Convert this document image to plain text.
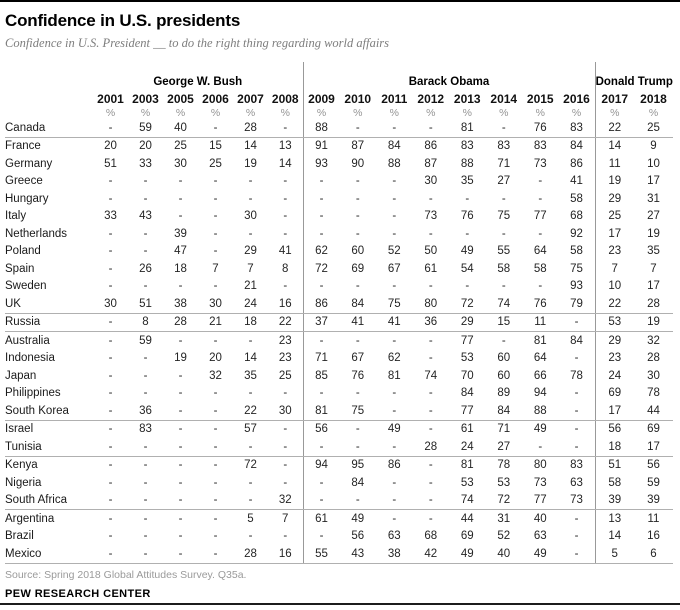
Confidence in U.S. presidents

Confidence in U.S. President __ to do the right thing regarding world affairs

	George W. Bush						Barack Obama								Donald Trump	
	2001	2003	2005	2006	2007	2008	2009	2010	2011	2012	2013	2014	2015	2016	2017	2018
	%	%	%	%	%	%	%	%	%	%	%	%	%	%	%	%
Canada	-	59	40	-	28	-	88	-	-	-	81	-	76	83	22	25
France	20	20	25	15	14	13	91	87	84	86	83	83	83	84	14	9
Germany	51	33	30	25	19	14	93	90	88	87	88	71	73	86	11	10
Greece	-	-	-	-	-	-	-	-	-	30	35	27	-	41	19	17
Hungary	-	-	-	-	-	-	-	-	-	-	-	-	-	58	29	31
Italy	33	43	-	-	30	-	-	-	-	73	76	75	77	68	25	27
Netherlands	-	-	39	-	-	-	-	-	-	-	-	-	-	92	17	19
Poland	-	-	47	-	29	41	62	60	52	50	49	55	64	58	23	35
Spain	-	26	18	7	7	8	72	69	67	61	54	58	58	75	7	7
Sweden	-	-	-	-	21	-	-	-	-	-	-	-	-	93	10	17
UK	30	51	38	30	24	16	86	84	75	80	72	74	76	79	22	28
Russia	-	8	28	21	18	22	37	41	41	36	29	15	11	-	53	19
Australia	-	59	-	-	-	23	-	-	-	-	77	-	81	84	29	32
Indonesia	-	-	19	20	14	23	71	67	62	-	53	60	64	-	23	28
Japan	-	-	-	32	35	25	85	76	81	74	70	60	66	78	24	30
Philippines	-	-	-	-	-	-	-	-	-	-	84	89	94	-	69	78
South Korea	-	36	-	-	22	30	81	75	-	-	77	84	88	-	17	44
Israel	-	83	-	-	57	-	56	-	49	-	61	71	49	-	56	69
Tunisia	-	-	-	-	-	-	-	-	-	28	24	27	-	-	18	17
Kenya	-	-	-	-	72	-	94	95	86	-	81	78	80	83	51	56
Nigeria	-	-	-	-	-	-	-	84	-	-	53	53	73	63	58	59
South Africa	-	-	-	-	-	32	-	-	-	-	74	72	77	73	39	39
Argentina	-	-	-	-	5	7	61	49	-	-	44	31	40	-	13	11
Brazil	-	-	-	-	-	-	-	56	63	68	69	52	63	-	14	16
Mexico	-	-	-	-	28	16	55	43	38	42	49	40	49	-	5	6

Source: Spring 2018 Global Attitudes Survey. Q35a.

PEW RESEARCH CENTER
